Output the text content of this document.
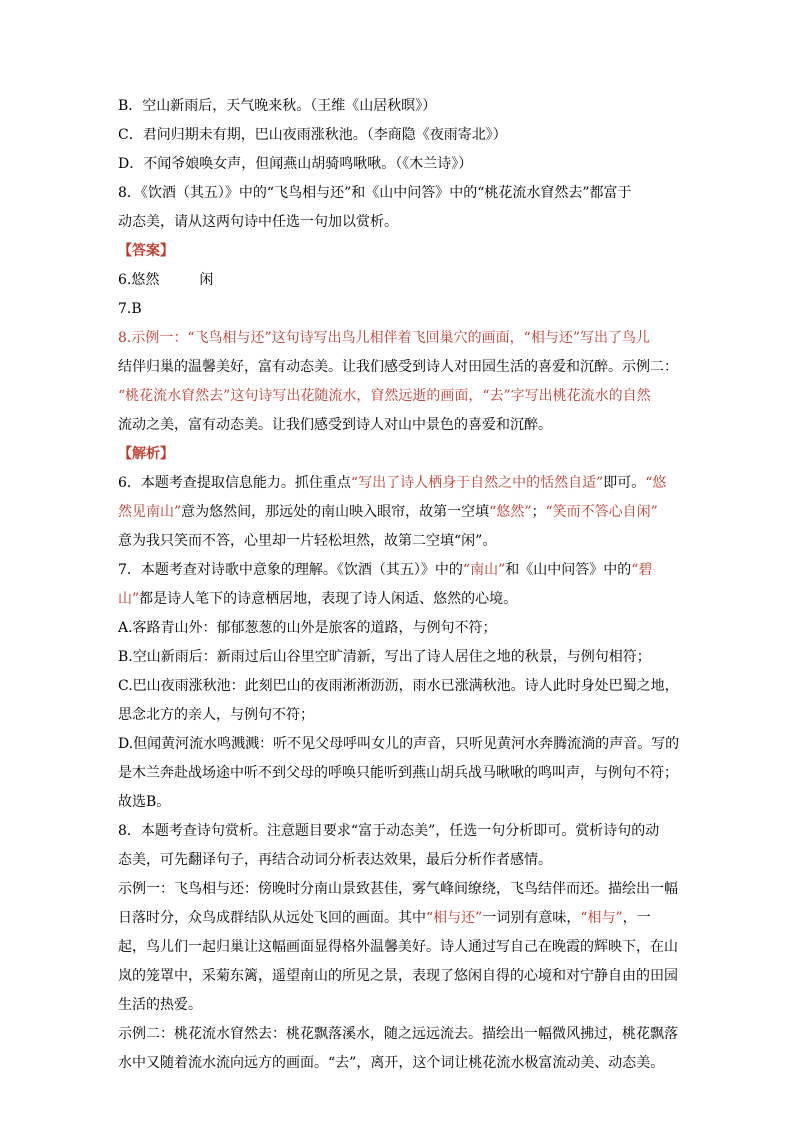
B．空山新雨后，天气晚来秋。（王维《山居秋暝》）
C．君问归期未有期，巴山夜雨涨秋池。（李商隐《夜雨寄北》）
D．不闻爷娘唤女声，但闻燕山胡骑鸣啾啾。（《木兰诗》）
8．《饮酒（其五）》中的“飞鸟相与还”和《山中问答》中的“桃花流水窅然去”都富于
动态美，请从这两句诗中任选一句加以赏析。
【答案】
6.悠然	闲
7.B
8.示例一：“飞鸟相与还”这句诗写出鸟儿相伴着飞回巢穴的画面，“相与还”写出了鸟儿
结伴归巢的温馨美好，富有动态美。让我们感受到诗人对田园生活的喜爱和沉醉。示例二：
“桃花流水窅然去”这句诗写出花随流水，窅然远逝的画面，“去”字写出桃花流水的自然
流动之美，富有动态美。让我们感受到诗人对山中景色的喜爱和沉醉。
【解析】
6．本题考查提取信息能力。抓住重点“写出了诗人栖身于自然之中的恬然自适”即可。“悠
然见南山”意为悠然间，那远处的南山映入眼帘，故第一空填“悠然”；“笑而不答心自闲”
意为我只笑而不答，心里却一片轻松坦然，故第二空填“闲”。
7．本题考查对诗歌中意象的理解。《饮酒（其五）》中的“南山”和《山中问答》中的“碧
山”都是诗人笔下的诗意栖居地，表现了诗人闲适、悠然的心境。
A.客路青山外：郁郁葱葱的山外是旅客的道路，与例句不符；
B.空山新雨后：新雨过后山谷里空旷清新，写出了诗人居住之地的秋景，与例句相符；
C.巴山夜雨涨秋池：此刻巴山的夜雨淅淅沥沥，雨水已涨满秋池。诗人此时身处巴蜀之地，
思念北方的亲人，与例句不符；
D.但闻黄河流水鸣溅溅：听不见父母呼叫女儿的声音，只听见黄河水奔腾流淌的声音。写的
是木兰奔赴战场途中听不到父母的呼唤只能听到燕山胡兵战马啾啾的鸣叫声，与例句不符；
故选B。
8．本题考查诗句赏析。注意题目要求“富于动态美”，任选一句分析即可。赏析诗句的动
态美，可先翻译句子，再结合动词分析表达效果，最后分析作者感情。
示例一：飞鸟相与还：傍晚时分南山景致甚佳，雾气峰间缭绕，飞鸟结伴而还。描绘出一幅
日落时分，众鸟成群结队从远处飞回的画面。其中“相与还”一词别有意味，“相与”，一
起，鸟儿们一起归巢让这幅画面显得格外温馨美好。诗人通过写自己在晚霞的辉映下，在山
岚的笼罩中，采菊东篱，遥望南山的所见之景，表现了悠闲自得的心境和对宁静自由的田园
生活的热爱。
示例二：桃花流水窅然去：桃花飘落溪水，随之远远流去。描绘出一幅微风拂过，桃花飘落
水中又随着流水流向远方的画面。“去”，离开，这个词让桃花流水极富流动美、动态美。
